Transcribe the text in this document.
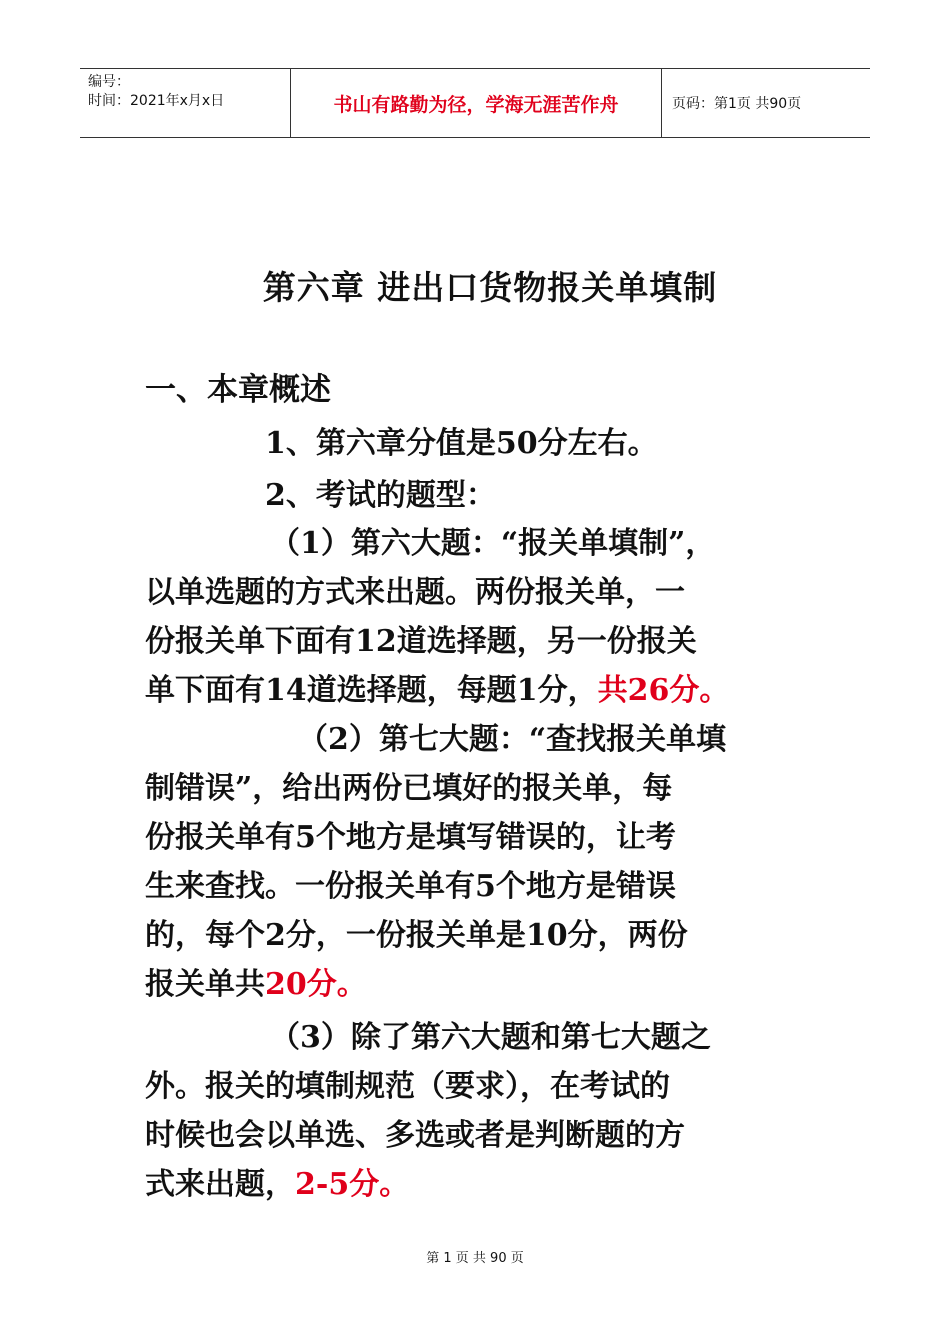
编号：
时间：2021年x月x日	书山有路勤为径，学海无涯苦作舟	页码：第1页 共90页
第六章 进出口货物报关单填制
一、本章概述
1、第六章分值是50分左右。
2、考试的题型：
（1）第六大题：“报关单填制”，
以单选题的方式来出题。两份报关单，一
份报关单下面有12道选择题，另一份报关
单下面有14道选择题，每题1分，共26分。
（2）第七大题：“查找报关单填
制错误”，给出两份已填好的报关单，每
份报关单有5个地方是填写错误的，让考
生来查找。一份报关单有5个地方是错误
的，每个2分，一份报关单是10分，两份
报关单共20分。
（3）除了第六大题和第七大题之
外。报关的填制规范（要求），在考试的
时候也会以单选、多选或者是判断题的方
式来出题，2-5分。
第 1 页 共 90 页
